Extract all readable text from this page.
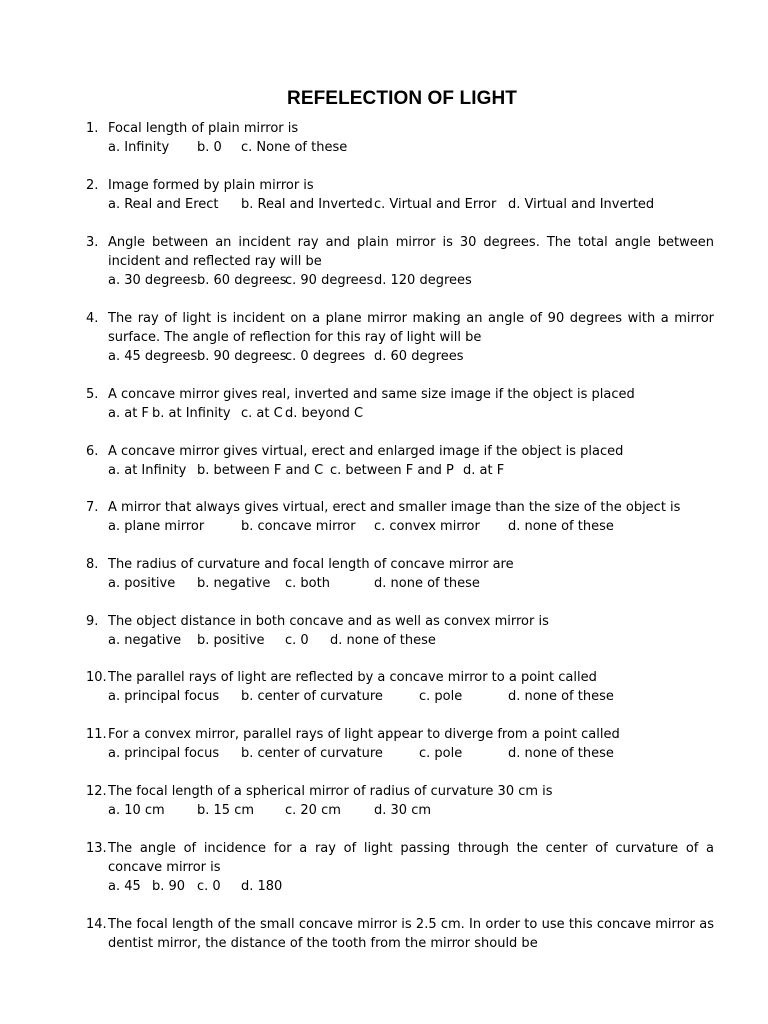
REFELECTION OF LIGHT
1. Focal length of plain mirror is
a. Infinity b. 0 c. None of these
2. Image formed by plain mirror is
a. Real and Erect b. Real and Inverted c. Virtual and Error d. Virtual and Inverted
3. Angle between an incident ray and plain mirror is 30 degrees. The total angle between incident and reflected ray will be
a. 30 degrees b. 60 degrees
c. 90 degrees d. 120 degrees
4. The ray of light is incident on a plane mirror making an angle of 90 degrees with a mirror surface. The angle of reflection for this ray of light will be
a. 45 degrees b. 90 degrees
c. 0 degrees d. 60 degrees
5. A concave mirror gives real, inverted and same size image if the object is placed
a. at F b. at Infinity c. at C d. beyond C
6. A concave mirror gives virtual, erect and enlarged image if the object is placed
a. at Infinity b. between F and C c. between F and P d. at F
7. A mirror that always gives virtual, erect and smaller image than the size of the object is
a. plane mirror	b. concave mirror c. convex mirror d. none of these
8. The radius of curvature and focal length of concave mirror are
a. positive b. negative c. both	d. none of these
9. The object distance in both concave and as well as convex mirror is
a. negative b. positive c. 0 d. none of these
10. The parallel rays of light are reflected by a concave mirror to a point called
a. principal focus b. center of curvature	c. pole	d. none of these
11. For a convex mirror, parallel rays of light appear to diverge from a point called
a. principal focus b. center of curvature	c. pole	d. none of these
12. The focal length of a spherical mirror of radius of curvature 30 cm is
a. 10 cm b. 15 cm c. 20 cm	d. 30 cm
13. The angle of incidence for a ray of light passing through the center of curvature of a concave mirror is
a. 45 b. 90 c. 0 d. 180
14. The focal length of the small concave mirror is 2.5 cm. In order to use this concave mirror as dentist mirror, the distance of the tooth from the mirror should be
